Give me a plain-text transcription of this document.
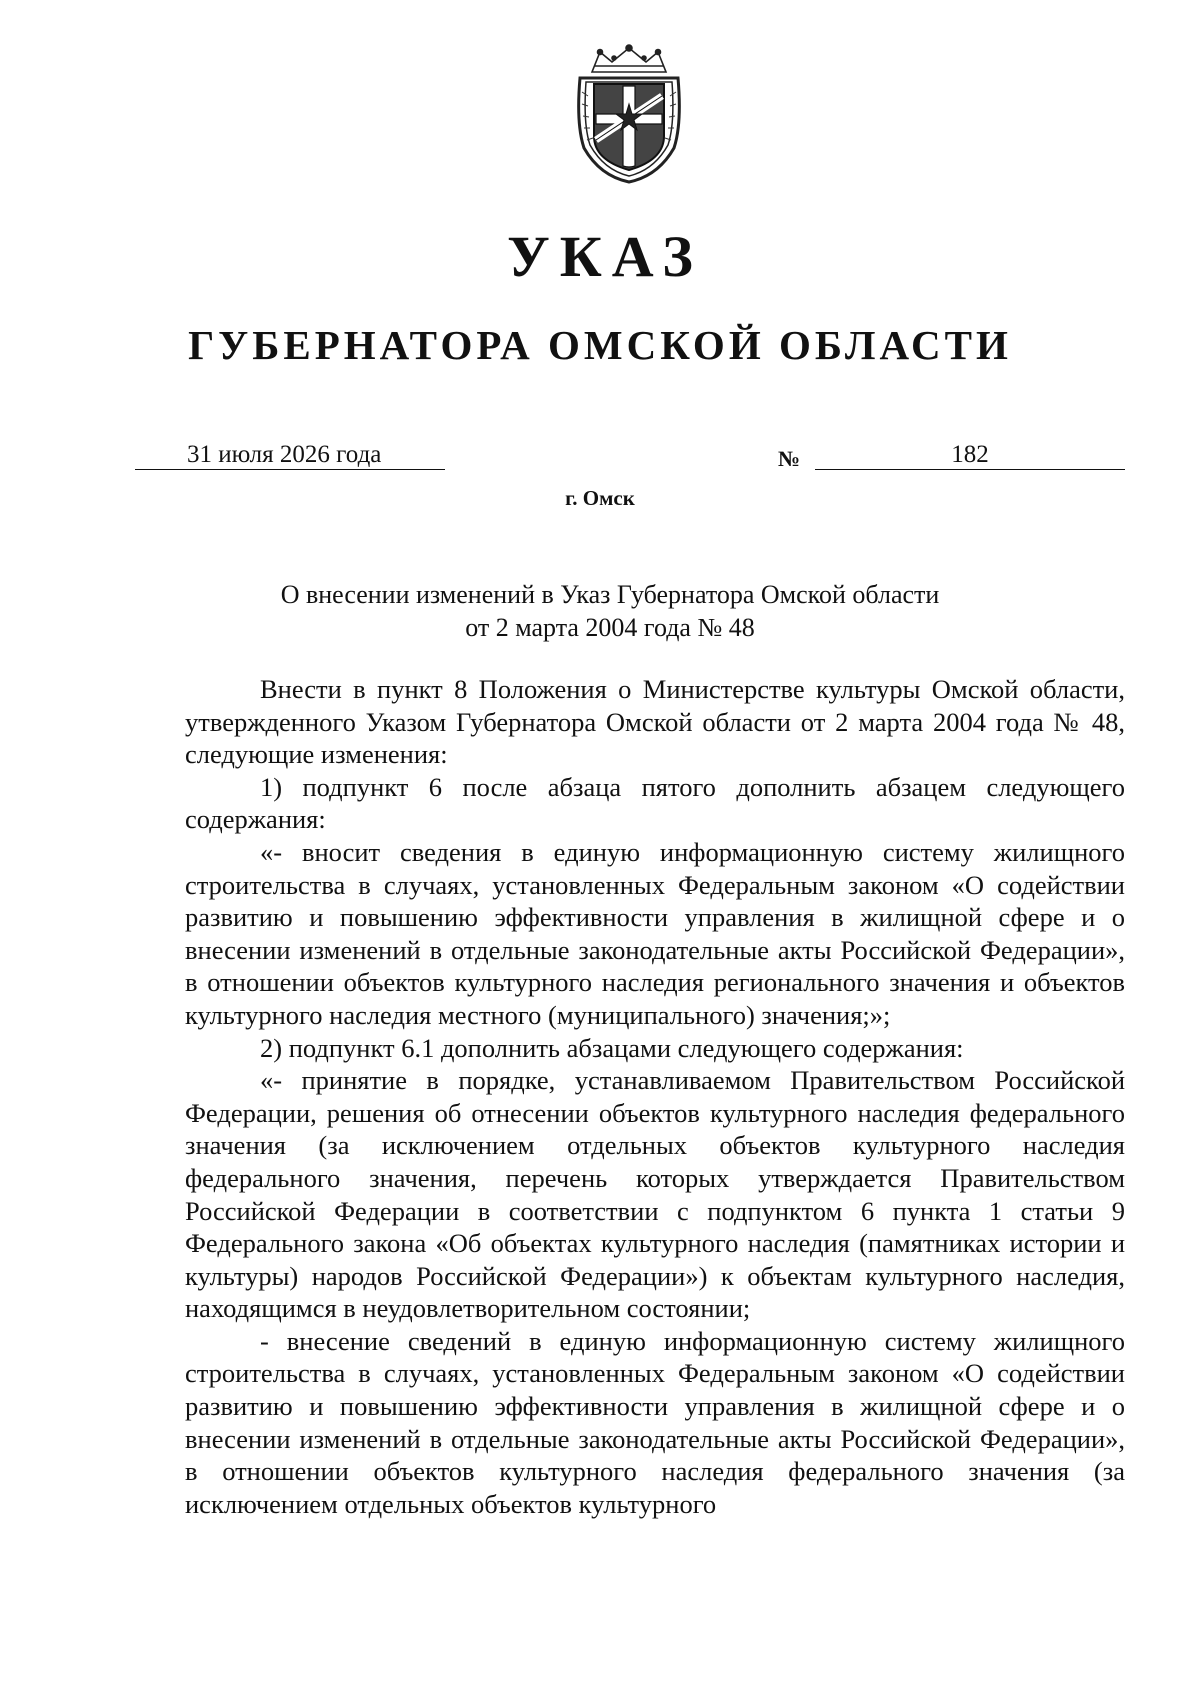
УКАЗ
ГУБЕРНАТОРА ОМСКОЙ ОБЛАСТИ
31 июля 2026 года	№	182
г. Омск
О внесении изменений в Указ Губернатора Омской области
от 2 марта 2004 года № 48

Внести в пункт 8 Положения о Министерстве культуры Омской области, утвержденного Указом Губернатора Омской области от 2 марта 2004 года № 48, следующие изменения:

1) подпункт 6 после абзаца пятого дополнить абзацем следующего содержания:

«- вносит сведения в единую информационную систему жилищного строительства в случаях, установленных Федеральным законом «О содействии развитию и повышению эффективности управления в жилищной сфере и о внесении изменений в отдельные законодательные акты Российской Федерации», в отношении объектов культурного наследия регионального значения и объектов культурного наследия местного (муниципального) значения;»;

2) подпункт 6.1 дополнить абзацами следующего содержания:

«- принятие в порядке, устанавливаемом Правительством Российской Федерации, решения об отнесении объектов культурного наследия федерального значения (за исключением отдельных объектов культурного наследия федерального значения, перечень которых утверждается Правительством Российской Федерации в соответствии с подпунктом 6 пункта 1 статьи 9 Федерального закона «Об объектах культурного наследия (памятниках истории и культуры) народов Российской Федерации») к объектам культурного наследия, находящимся в неудовлетворительном состоянии;

- внесение сведений в единую информационную систему жилищного строительства в случаях, установленных Федеральным законом «О содействии развитию и повышению эффективности управления в жилищной сфере и о внесении изменений в отдельные законодательные акты Российской Федерации», в отношении объектов культурного наследия федерального значения (за исключением отдельных объектов культурного
